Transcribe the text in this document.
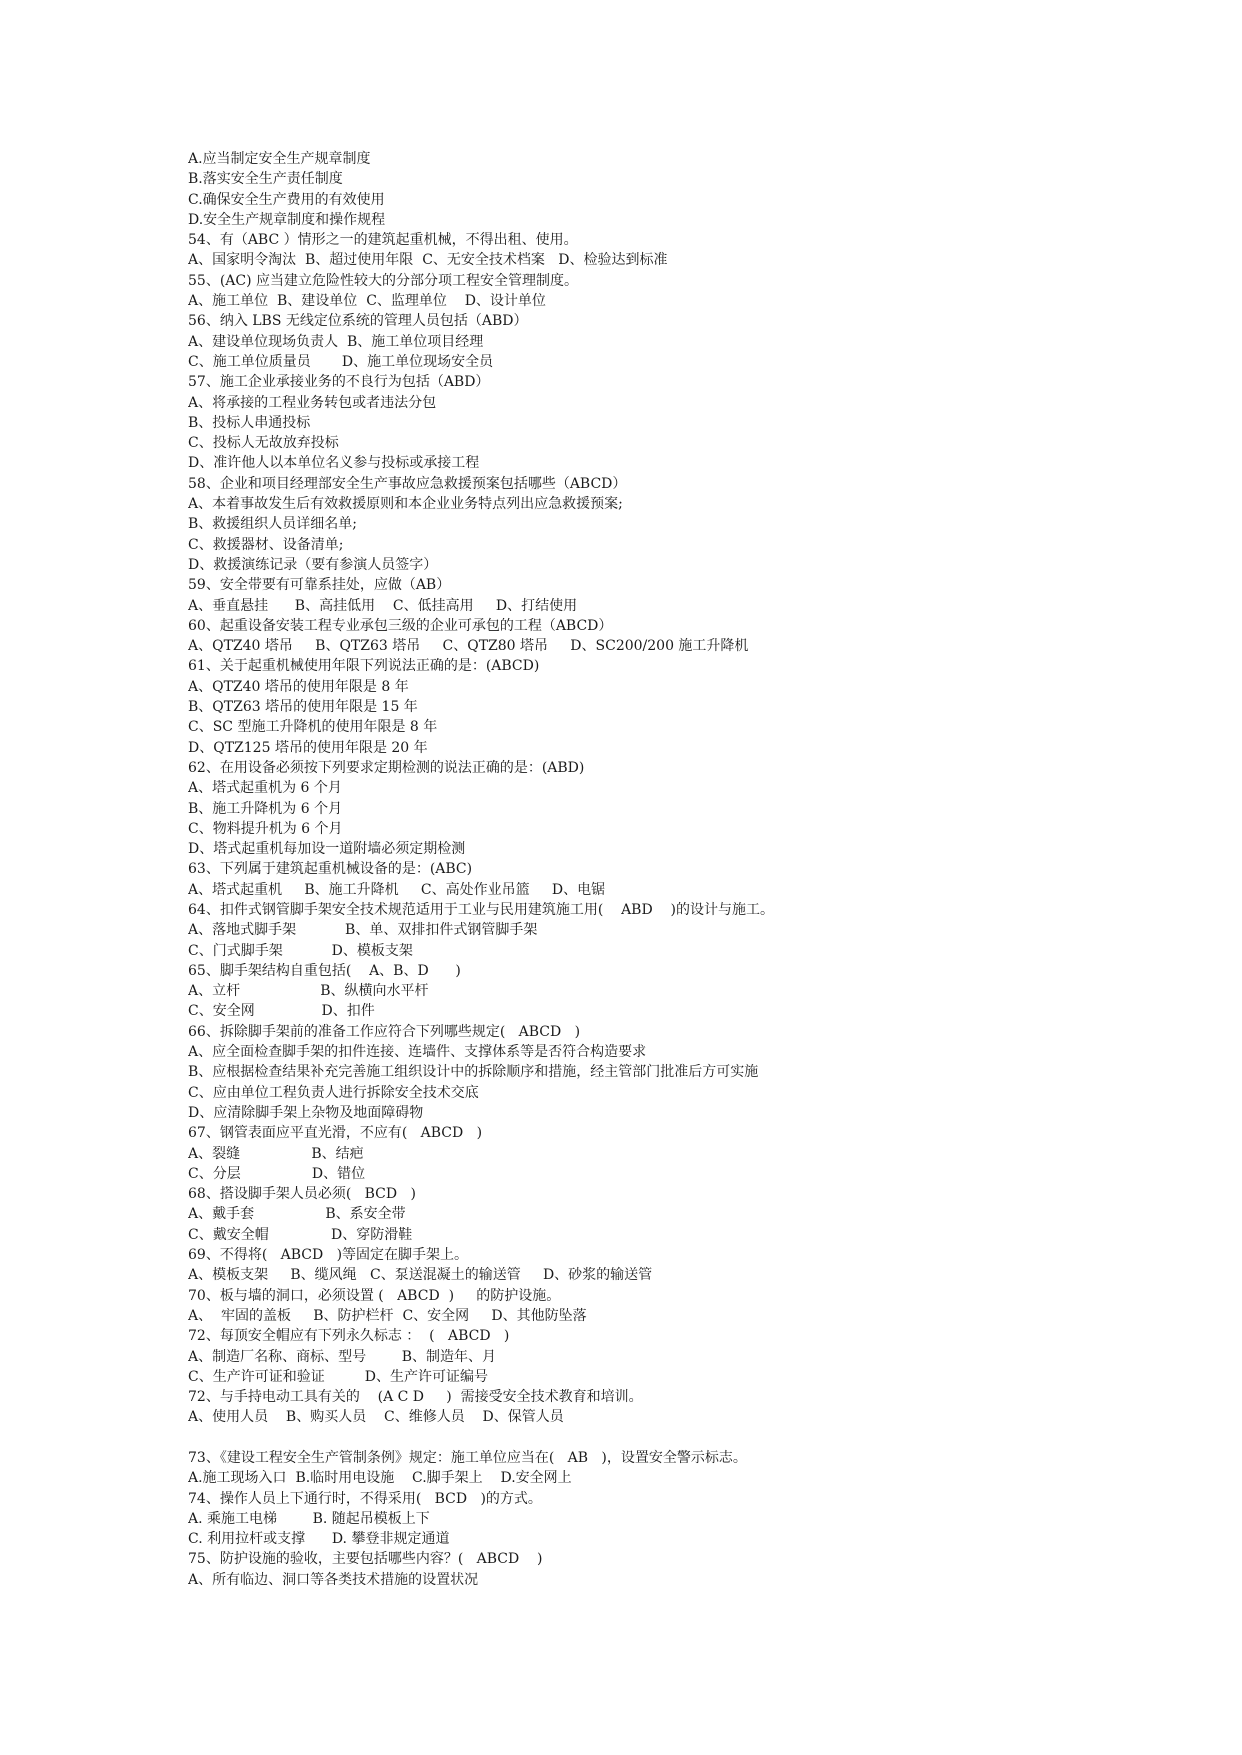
A.应当制定安全生产规章制度
B.落实安全生产责任制度
C.确保安全生产费用的有效使用
D.安全生产规章制度和操作规程
54、有（ABC ）情形之一的建筑起重机械，不得出租、使用。
A、国家明令淘汰  B、超过使用年限  C、无安全技术档案   D、检验达到标准
55、(AC) 应当建立危险性较大的分部分项工程安全管理制度。
A、施工单位  B、建设单位  C、监理单位    D、设计单位
56、纳入 LBS 无线定位系统的管理人员包括（ABD）
A、建设单位现场负责人  B、施工单位项目经理
C、施工单位质量员       D、施工单位现场安全员
57、施工企业承接业务的不良行为包括（ABD）
A、将承接的工程业务转包或者违法分包
B、投标人串通投标
C、投标人无故放弃投标
D、准许他人以本单位名义参与投标或承接工程
58、企业和项目经理部安全生产事故应急救援预案包括哪些（ABCD）
A、本着事故发生后有效救援原则和本企业业务特点列出应急救援预案;
B、救援组织人员详细名单;
C、救援器材、设备清单;
D、救援演练记录（要有参演人员签字）
59、安全带要有可靠系挂处，应做（AB）
A、垂直悬挂      B、高挂低用    C、低挂高用     D、打结使用
60、起重设备安装工程专业承包三级的企业可承包的工程（ABCD）
A、QTZ40 塔吊     B、QTZ63 塔吊     C、QTZ80 塔吊     D、SC200/200 施工升降机
61、关于起重机械使用年限下列说法正确的是：(ABCD)
A、QTZ40 塔吊的使用年限是 8 年
B、QTZ63 塔吊的使用年限是 15 年
C、SC 型施工升降机的使用年限是 8 年
D、QTZ125 塔吊的使用年限是 20 年
62、在用设备必须按下列要求定期检测的说法正确的是：(ABD)
A、塔式起重机为 6 个月
B、施工升降机为 6 个月
C、物料提升机为 6 个月
D、塔式起重机每加设一道附墙必须定期检测
63、下列属于建筑起重机械设备的是：(ABC)
A、塔式起重机     B、施工升降机     C、高处作业吊篮     D、电锯
64、扣件式钢管脚手架安全技术规范适用于工业与民用建筑施工用(    ABD    )的设计与施工。
A、落地式脚手架           B、单、双排扣件式钢管脚手架
C、门式脚手架           D、模板支架
65、脚手架结构自重包括(    A、B、D      )
A、立杆                  B、纵横向水平杆
C、安全网               D、扣件
66、拆除脚手架前的准备工作应符合下列哪些规定(   ABCD   )
A、应全面检查脚手架的扣件连接、连墙件、支撑体系等是否符合构造要求
B、应根据检查结果补充完善施工组织设计中的拆除顺序和措施，经主管部门批准后方可实施
C、应由单位工程负责人进行拆除安全技术交底
D、应清除脚手架上杂物及地面障碍物
67、钢管表面应平直光滑，不应有(   ABCD   )
A、裂缝                B、结疤
C、分层                D、错位
68、搭设脚手架人员必须(   BCD   )
A、戴手套                B、系安全带
C、戴安全帽              D、穿防滑鞋
69、不得将(   ABCD   )等固定在脚手架上。
A、模板支架     B、缆风绳   C、泵送混凝土的输送管     D、砂浆的输送管
70、板与墙的洞口，必须设置 (   ABCD  )     的防护设施。
A、  牢固的盖板     B、防护栏杆  C、安全网     D、其他防坠落
72、每顶安全帽应有下列永久标志 ：  (   ABCD   )
A、制造厂名称、商标、型号        B、制造年、月
C、生产许可证和验证         D、生产许可证编号
72、与手持电动工具有关的    (A C D     )  需接受安全技术教育和培训。
A、使用人员    B、购买人员    C、维修人员    D、保管人员
73、《建设工程安全生产管制条例》规定：施工单位应当在(   AB   )，设置安全警示标志。
A.施工现场入口  B.临时用电设施    C.脚手架上    D.安全网上
74、操作人员上下通行时，不得采用(   BCD   )的方式。
A. 乘施工电梯        B. 随起吊模板上下
C. 利用拉杆或支撑      D. 攀登非规定通道
75、防护设施的验收，主要包括哪些内容？(   ABCD    )
A、所有临边、洞口等各类技术措施的设置状况
